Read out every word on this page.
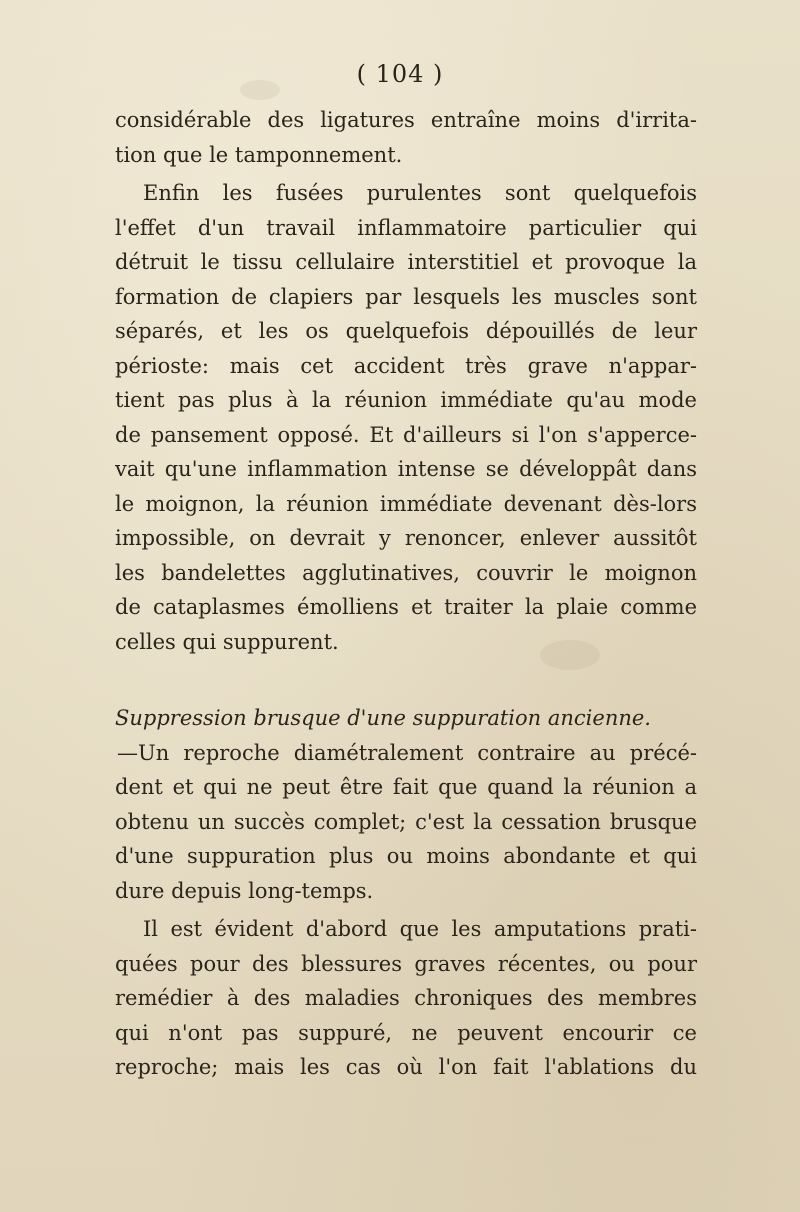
( 104 )
considérable des ligatures entraîne moins d'irrita-
tion que le tamponnement.
Enfin les fusées purulentes sont quelquefois
l'effet d'un travail inflammatoire particulier qui
détruit le tissu cellulaire interstitiel et provoque la
formation de clapiers par lesquels les muscles sont
séparés, et les os quelquefois dépouillés de leur
périoste: mais cet accident très grave n'appar-
tient pas plus à la réunion immédiate qu'au mode
de pansement opposé. Et d'ailleurs si l'on s'apperce-
vait qu'une inflammation intense se développât dans
le moignon, la réunion immédiate devenant dès-lors
impossible, on devrait y renoncer, enlever aussitôt
les bandelettes agglutinatives, couvrir le moignon
de cataplasmes émolliens et traiter la plaie comme
celles qui suppurent.
Suppression brusque d'une suppuration ancienne.
—Un reproche diamétralement contraire au précé-
dent et qui ne peut être fait que quand la réunion a
obtenu un succès complet; c'est la cessation brusque
d'une suppuration plus ou moins abondante et qui
dure depuis long-temps.
Il est évident d'abord que les amputations prati-
quées pour des blessures graves récentes, ou pour
remédier à des maladies chroniques des membres
qui n'ont pas suppuré, ne peuvent encourir ce
reproche; mais les cas où l'on fait l'ablations du
